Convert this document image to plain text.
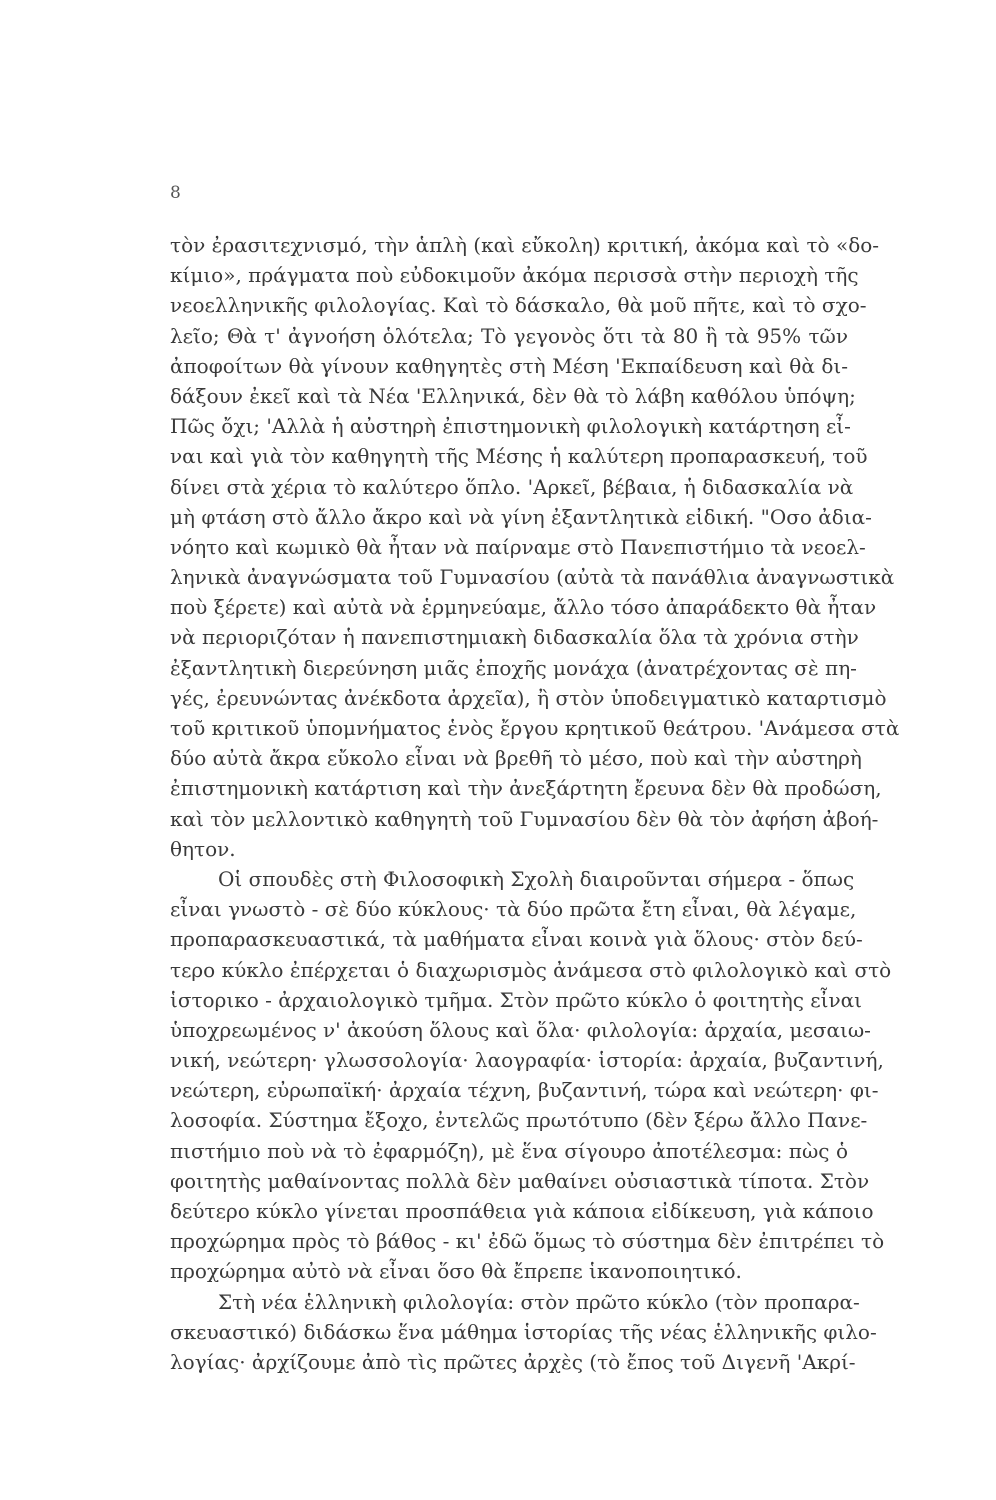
8
τὸν ἐρασιτεχνισμό, τὴν ἁπλὴ (καὶ εὔκολη) κριτική, ἀκόμα καὶ τὸ «δο-
κίμιο», πράγματα ποὺ εὐδοκιμοῦν ἀκόμα περισσὰ στὴν περιοχὴ τῆς
νεοελληνικῆς φιλολογίας. Καὶ τὸ δάσκαλο, θὰ μοῦ πῆτε, καὶ τὸ σχο-
λεῖο; Θὰ τ' ἀγνοήση ὁλότελα; Τὸ γεγονὸς ὅτι τὰ 80 ἢ τὰ 95% τῶν
ἀποφοίτων θὰ γίνουν καθηγητὲς στὴ Μέση 'Εκπαίδευση καὶ θὰ δι-
δάξουν ἐκεῖ καὶ τὰ Νέα 'Ελληνικά, δὲν θὰ τὸ λάβη καθόλου ὑπόψη;
Πῶς ὄχι; 'Αλλὰ ἡ αὐστηρὴ ἐπιστημονικὴ φιλολογικὴ κατάρτηση εἶ-
ναι καὶ γιὰ τὸν καθηγητὴ τῆς Μέσης ἡ καλύτερη προπαρασκευή, τοῦ
δίνει στὰ χέρια τὸ καλύτερο ὅπλο. 'Αρκεῖ, βέβαια, ἡ διδασκαλία νὰ
μὴ φτάση στὸ ἄλλο ἄκρο καὶ νὰ γίνη ἐξαντλητικὰ εἰδική. "Οσο ἀδια-
νόητο καὶ κωμικὸ θὰ ἦταν νὰ παίρναμε στὸ Πανεπιστήμιο τὰ νεοελ-
ληνικὰ ἀναγνώσματα τοῦ Γυμνασίου (αὐτὰ τὰ πανάθλια ἀναγνωστικὰ
ποὺ ξέρετε) καὶ αὐτὰ νὰ ἑρμηνεύαμε, ἄλλο τόσο ἀπαράδεκτο θὰ ἦταν
νὰ περιοριζόταν ἡ πανεπιστημιακὴ διδασκαλία ὅλα τὰ χρόνια στὴν
ἐξαντλητικὴ διερεύνηση μιᾶς ἐποχῆς μονάχα (ἀνατρέχοντας σὲ πη-
γές, ἐρευνώντας ἀνέκδοτα ἀρχεῖα), ἢ στὸν ὑποδειγματικὸ καταρτισμὸ
τοῦ κριτικοῦ ὑπομνήματος ἑνὸς ἔργου κρητικοῦ θεάτρου. 'Ανάμεσα στὰ
δύο αὐτὰ ἄκρα εὔκολο εἶναι νὰ βρεθῆ τὸ μέσο, ποὺ καὶ τὴν αὐστηρὴ
ἐπιστημονικὴ κατάρτιση καὶ τὴν ἀνεξάρτητη ἔρευνα δὲν θὰ προδώση,
καὶ τὸν μελλοντικὸ καθηγητὴ τοῦ Γυμνασίου δὲν θὰ τὸν ἀφήση ἀβοή-
θητον.
Οἱ σπουδὲς στὴ Φιλοσοφικὴ Σχολὴ διαιροῦνται σήμερα - ὅπως
εἶναι γνωστὸ - σὲ δύο κύκλους· τὰ δύο πρῶτα ἔτη εἶναι, θὰ λέγαμε,
προπαρασκευαστικά, τὰ μαθήματα εἶναι κοινὰ γιὰ ὅλους· στὸν δεύ-
τερο κύκλο ἐπέρχεται ὁ διαχωρισμὸς ἀνάμεσα στὸ φιλολογικὸ καὶ στὸ
ἱστορικο - ἀρχαιολογικὸ τμῆμα. Στὸν πρῶτο κύκλο ὁ φοιτητὴς εἶναι
ὑποχρεωμένος ν' ἀκούση ὅλους καὶ ὅλα· φιλολογία: ἀρχαία, μεσαιω-
νική, νεώτερη· γλωσσολογία· λαογραφία· ἱστορία: ἀρχαία, βυζαντινή,
νεώτερη, εὐρωπαϊκή· ἀρχαία τέχνη, βυζαντινή, τώρα καὶ νεώτερη· φι-
λοσοφία. Σύστημα ἔξοχο, ἐντελῶς πρωτότυπο (δὲν ξέρω ἄλλο Πανε-
πιστήμιο ποὺ νὰ τὸ ἐφαρμόζη), μὲ ἕνα σίγουρο ἀποτέλεσμα: πὼς ὁ
φοιτητὴς μαθαίνοντας πολλὰ δὲν μαθαίνει οὐσιαστικὰ τίποτα. Στὸν
δεύτερο κύκλο γίνεται προσπάθεια γιὰ κάποια εἰδίκευση, γιὰ κάποιο
προχώρημα πρὸς τὸ βάθος - κι' ἐδῶ ὅμως τὸ σύστημα δὲν ἐπιτρέπει τὸ
προχώρημα αὐτὸ νὰ εἶναι ὅσο θὰ ἔπρεπε ἱκανοποιητικό.
Στὴ νέα ἑλληνικὴ φιλολογία: στὸν πρῶτο κύκλο (τὸν προπαρα-
σκευαστικό) διδάσκω ἕνα μάθημα ἱστορίας τῆς νέας ἑλληνικῆς φιλο-
λογίας· ἀρχίζουμε ἀπὸ τὶς πρῶτες ἀρχὲς (τὸ ἔπος τοῦ Διγενῆ 'Ακρί-
